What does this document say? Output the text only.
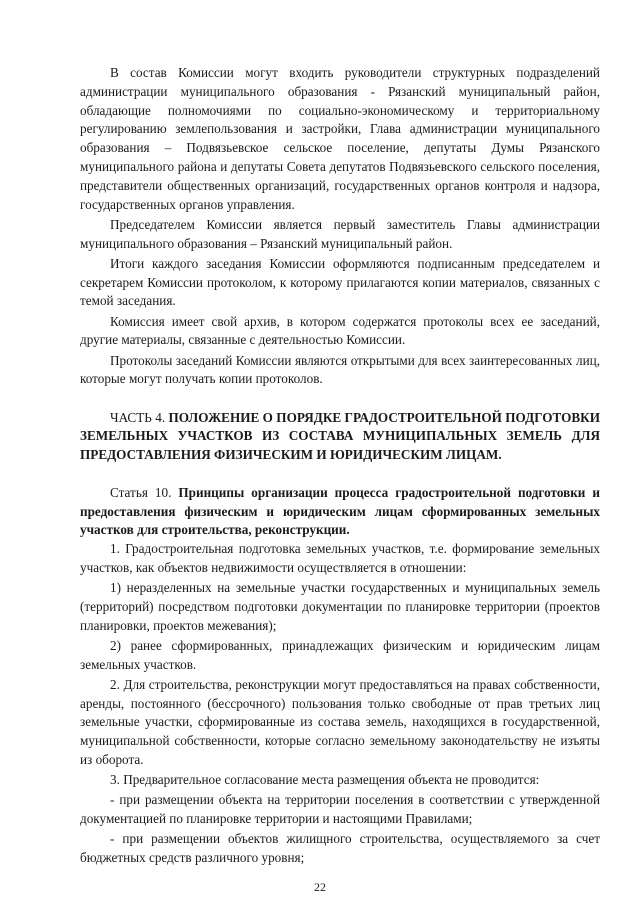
В состав Комиссии могут входить руководители структурных подразделений администрации муниципального образования - Рязанский муниципальный район, обладающие полномочиями по социально-экономическому и территориальному регулированию землепользования и застройки, Глава администрации муниципального образования – Подвязьевское сельское поселение, депутаты Думы Рязанского муниципального района и депутаты Совета депутатов Подвязьевского сельского поселения, представители общественных организаций, государственных органов контроля и надзора, государственных органов управления.

Председателем Комиссии является первый заместитель Главы администрации муниципального образования – Рязанский муниципальный район.

Итоги каждого заседания Комиссии оформляются подписанным председателем и секретарем Комиссии протоколом, к которому прилагаются копии материалов, связанных с темой заседания.

Комиссия имеет свой архив, в котором содержатся протоколы всех ее заседаний, другие материалы, связанные с деятельностью Комиссии.

Протоколы заседаний Комиссии являются открытыми для всех заинтересованных лиц, которые могут получать копии протоколов.

ЧАСТЬ 4. ПОЛОЖЕНИЕ О ПОРЯДКЕ ГРАДОСТРОИТЕЛЬНОЙ ПОДГОТОВКИ ЗЕМЕЛЬНЫХ УЧАСТКОВ ИЗ СОСТАВА МУНИЦИПАЛЬНЫХ ЗЕМЕЛЬ ДЛЯ ПРЕДОСТАВЛЕНИЯ ФИЗИЧЕСКИМ И ЮРИДИЧЕСКИМ ЛИЦАМ.

Статья 10. Принципы организации процесса градостроительной подготовки и предоставления физическим и юридическим лицам сформированных земельных участков для строительства, реконструкции.

1. Градостроительная подготовка земельных участков, т.е. формирование земельных участков, как объектов недвижимости осуществляется в отношении:

1) неразделенных на земельные участки государственных и муниципальных земель (территорий) посредством подготовки документации по планировке территории (проектов планировки, проектов межевания);

2) ранее сформированных, принадлежащих физическим и юридическим лицам земельных участков.

2. Для строительства, реконструкции могут предоставляться на правах собственности, аренды, постоянного (бессрочного) пользования только свободные от прав третьих лиц земельные участки, сформированные из состава земель, находящихся в государственной, муниципальной собственности, которые согласно земельному законодательству не изъяты из оборота.

3. Предварительное согласование места размещения объекта не проводится:

- при размещении объекта на территории поселения в соответствии с утвержденной документацией по планировке территории и настоящими Правилами;

- при размещении объектов жилищного строительства, осуществляемого за счет бюджетных средств различного уровня;

22
